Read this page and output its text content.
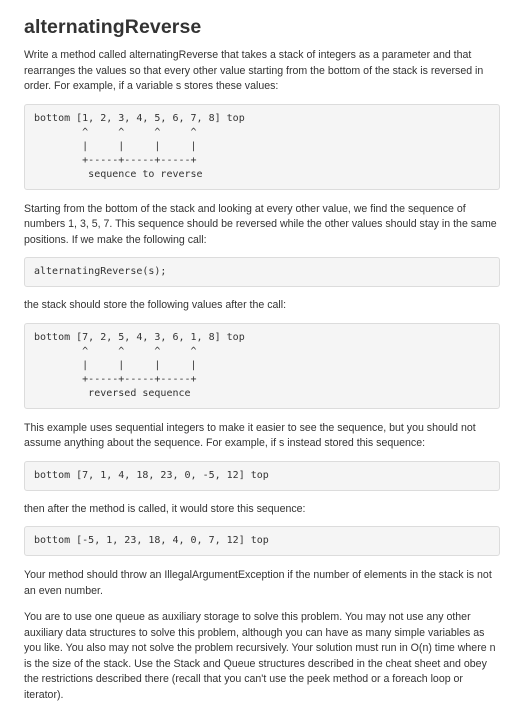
alternatingReverse

Write a method called alternatingReverse that takes a stack of integers as a parameter and that rearranges the values so that every other value starting from the bottom of the stack is reversed in order. For example, if a variable s stores these values:

bottom [1, 2, 3, 4, 5, 6, 7, 8] top
^     ^     ^     ^
|     |     |     |
+-----+-----+-----+
sequence to reverse

Starting from the bottom of the stack and looking at every other value, we find the sequence of numbers 1, 3, 5, 7. This sequence should be reversed while the other values should stay in the same positions. If we make the following call:

alternatingReverse(s);

the stack should store the following values after the call:

bottom [7, 2, 5, 4, 3, 6, 1, 8] top
^     ^     ^     ^
|     |     |     |
+-----+-----+-----+
reversed sequence

This example uses sequential integers to make it easier to see the sequence, but you should not assume anything about the sequence. For example, if s instead stored this sequence:

bottom [7, 1, 4, 18, 23, 0, -5, 12] top

then after the method is called, it would store this sequence:

bottom [-5, 1, 23, 18, 4, 0, 7, 12] top

Your method should throw an IllegalArgumentException if the number of elements in the stack is not an even number.

You are to use one queue as auxiliary storage to solve this problem. You may not use any other auxiliary data structures to solve this problem, although you can have as many simple variables as you like. You also may not solve the problem recursively. Your solution must run in O(n) time where n is the size of the stack. Use the Stack and Queue structures described in the cheat sheet and obey the restrictions described there (recall that you can't use the peek method or a foreach loop or iterator).
